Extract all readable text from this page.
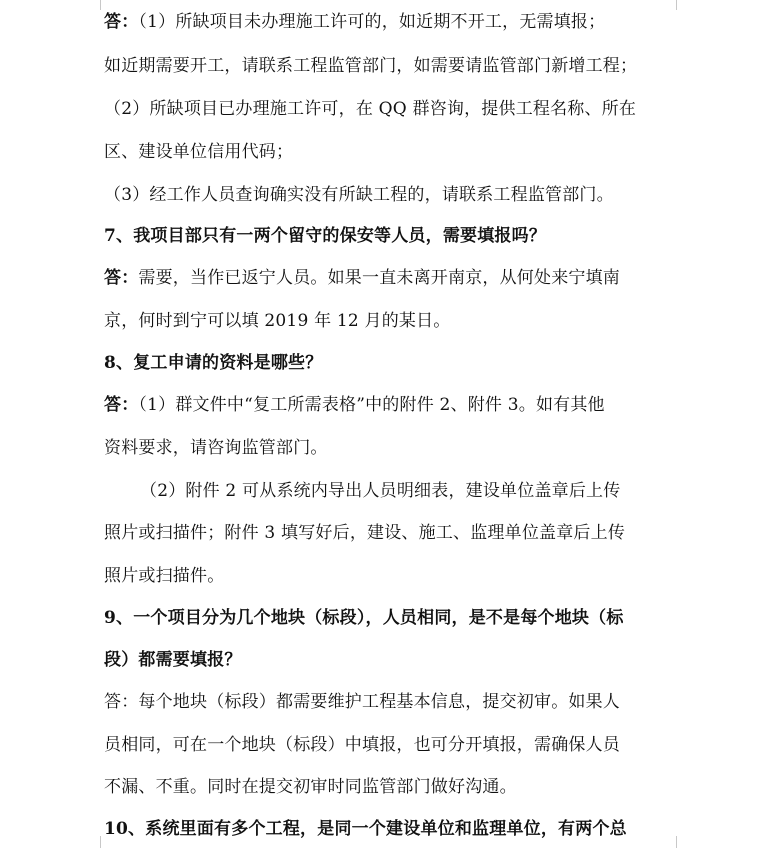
答：（1）所缺项目未办理施工许可的，如近期不开工，无需填报；
如近期需要开工，请联系工程监管部门，如需要请监管部门新增工程；
（2）所缺项目已办理施工许可，在 QQ 群咨询，提供工程名称、所在
区、建设单位信用代码；
（3）经工作人员查询确实没有所缺工程的，请联系工程监管部门。
7、我项目部只有一两个留守的保安等人员，需要填报吗？
答：需要，当作已返宁人员。如果一直未离开南京，从何处来宁填南
京，何时到宁可以填 2019 年 12 月的某日。
8、复工申请的资料是哪些？
答：（1）群文件中“复工所需表格”中的附件 2、附件 3。如有其他
资料要求，请咨询监管部门。
（2）附件 2 可从系统内导出人员明细表，建设单位盖章后上传
照片或扫描件；附件 3 填写好后，建设、施工、监理单位盖章后上传
照片或扫描件。
9、一个项目分为几个地块（标段），人员相同，是不是每个地块（标
段）都需要填报？
答：每个地块（标段）都需要维护工程基本信息，提交初审。如果人
员相同，可在一个地块（标段）中填报，也可分开填报，需确保人员
不漏、不重。同时在提交初审时同监管部门做好沟通。
10、系统里面有多个工程，是同一个建设单位和监理单位，有两个总
